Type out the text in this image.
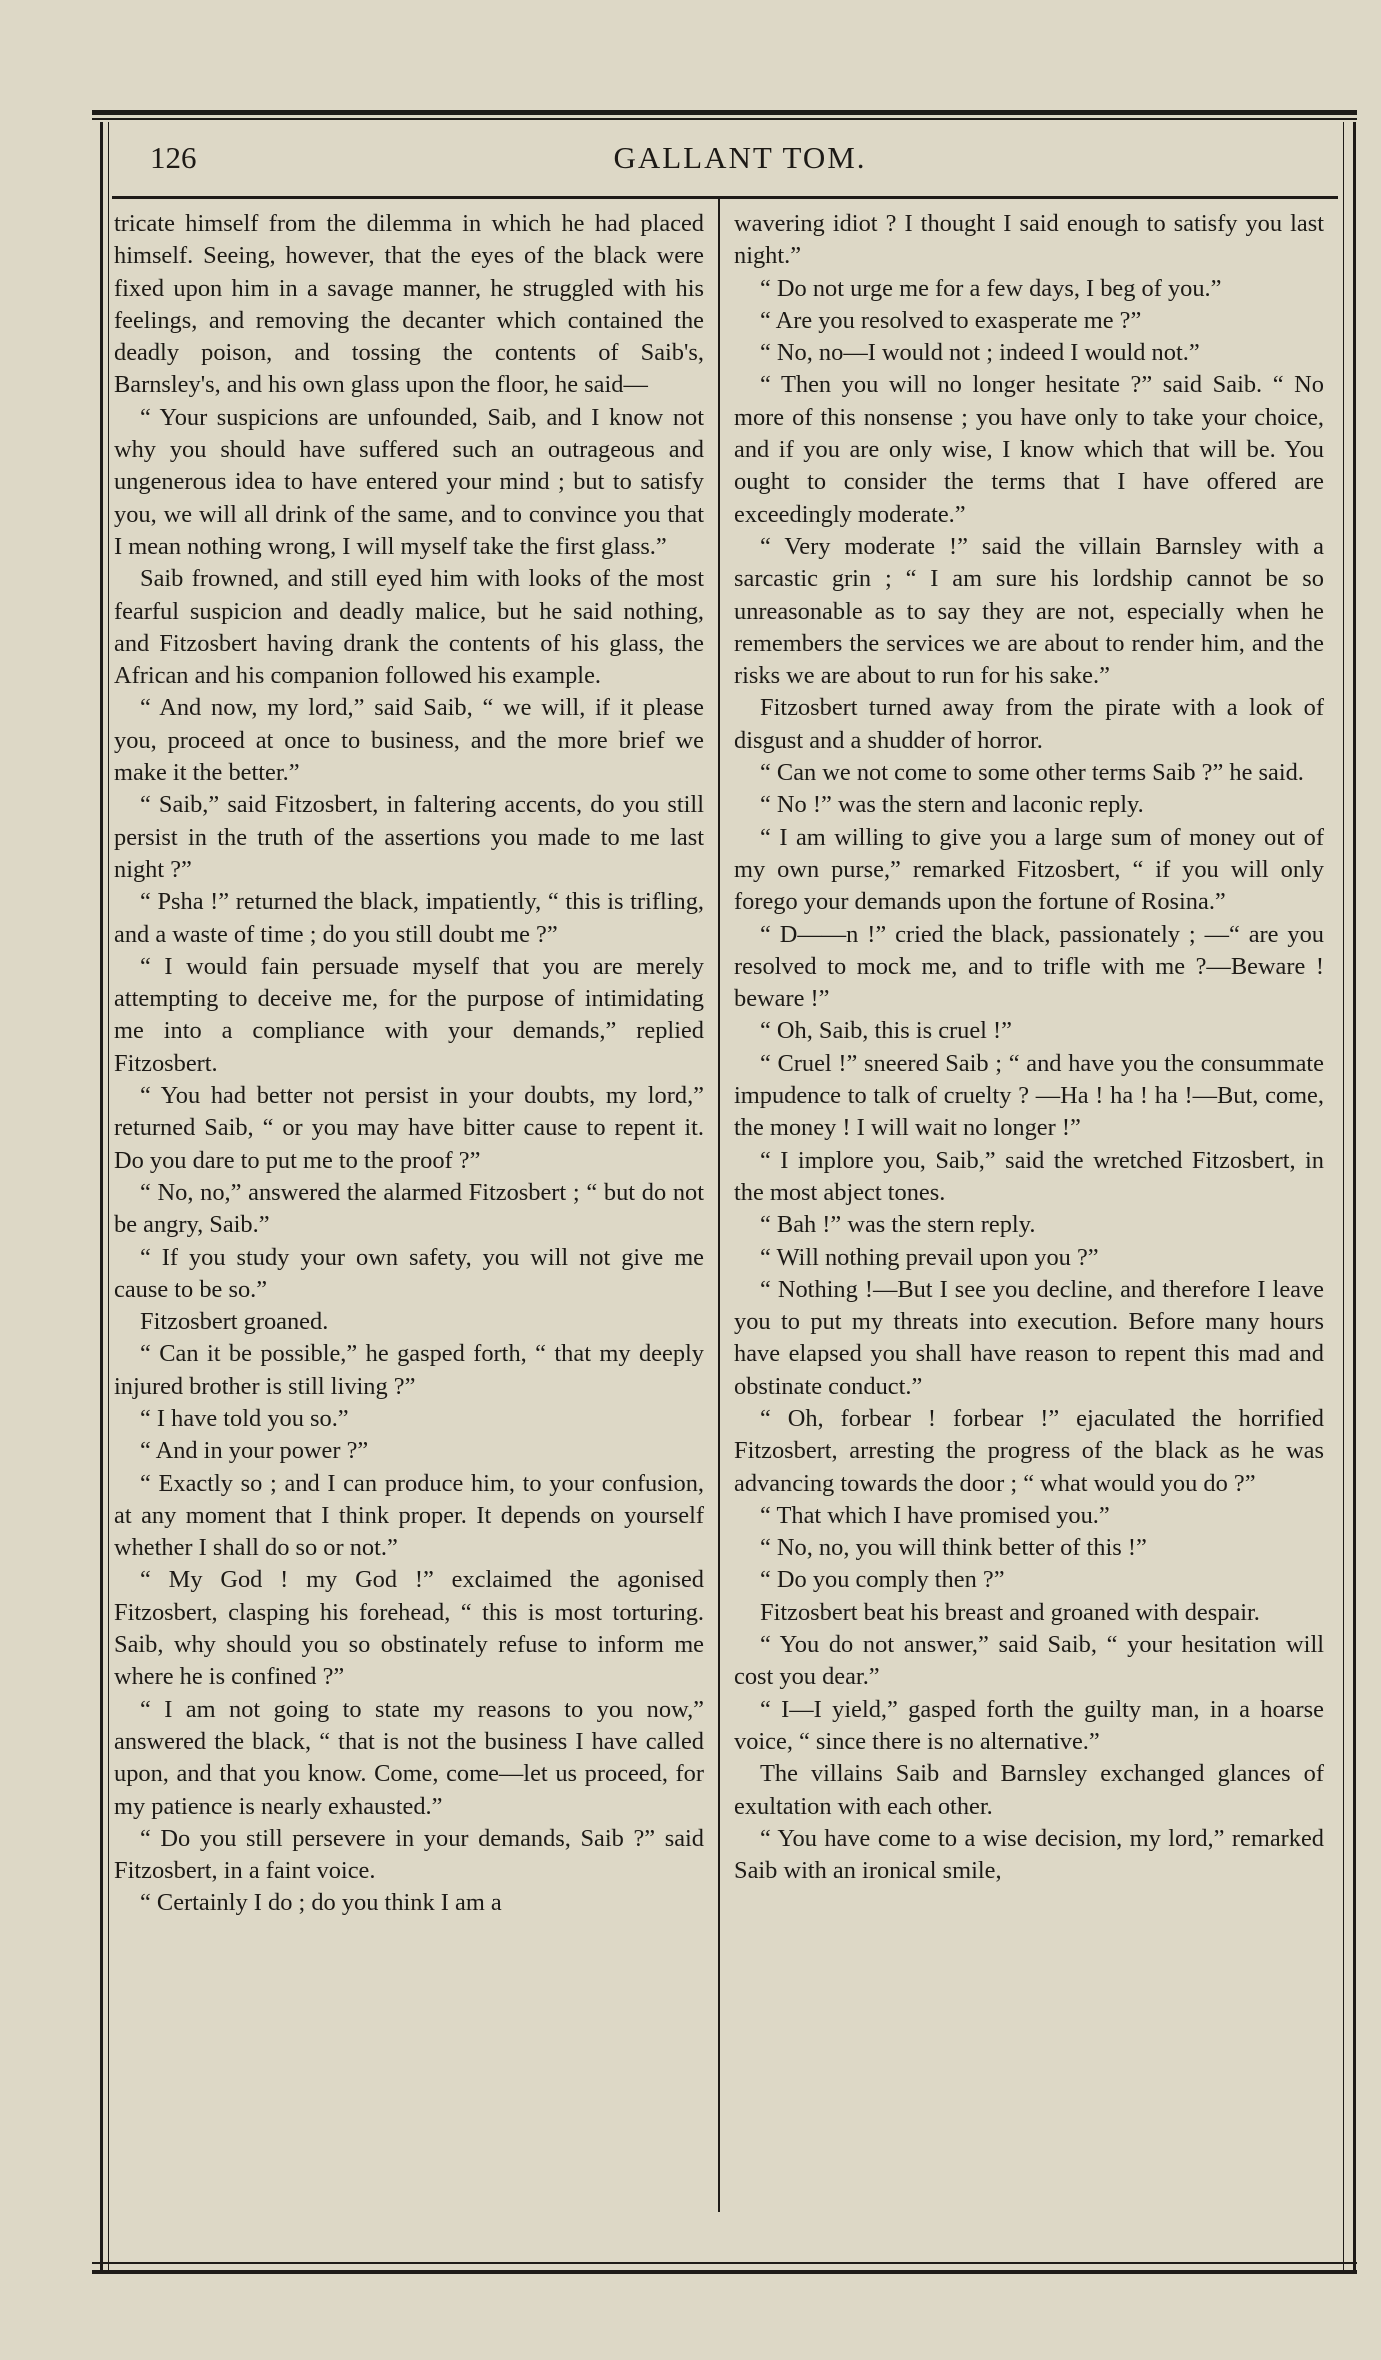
126	GALLANT TOM.

tricate himself from the dilemma in which he had placed himself. Seeing, however, that the eyes of the black were fixed upon him in a savage manner, he struggled with his feelings, and removing the decanter which contained the deadly poison, and tossing the contents of Saib's, Barnsley's, and his own glass upon the floor, he said—

“ Your suspicions are unfounded, Saib, and I know not why you should have suffered such an outrageous and ungenerous idea to have entered your mind ; but to satisfy you, we will all drink of the same, and to convince you that I mean nothing wrong, I will myself take the first glass.”

Saib frowned, and still eyed him with looks of the most fearful suspicion and deadly malice, but he said nothing, and Fitzosbert having drank the contents of his glass, the African and his companion followed his example.

“ And now, my lord,” said Saib, “ we will, if it please you, proceed at once to business, and the more brief we make it the better.”

“ Saib,” said Fitzosbert, in faltering accents, do you still persist in the truth of the assertions you made to me last night ?”

“ Psha !” returned the black, impatiently, “ this is trifling, and a waste of time ; do you still doubt me ?”

“ I would fain persuade myself that you are merely attempting to deceive me, for the purpose of intimidating me into a compliance with your demands,” replied Fitzosbert.

“ You had better not persist in your doubts, my lord,” returned Saib, “ or you may have bitter cause to repent it. Do you dare to put me to the proof ?”

“ No, no,” answered the alarmed Fitzosbert ; “ but do not be angry, Saib.”

“ If you study your own safety, you will not give me cause to be so.”

Fitzosbert groaned.

“ Can it be possible,” he gasped forth, “ that my deeply injured brother is still living ?”

“ I have told you so.”

“ And in your power ?”

“ Exactly so ; and I can produce him, to your confusion, at any moment that I think proper. It depends on yourself whether I shall do so or not.”

“ My God ! my God !” exclaimed the agonised Fitzosbert, clasping his forehead, “ this is most torturing. Saib, why should you so obstinately refuse to inform me where he is confined ?”

“ I am not going to state my reasons to you now,” answered the black, “ that is not the business I have called upon, and that you know. Come, come—let us proceed, for my patience is nearly exhausted.”

“ Do you still persevere in your demands, Saib ?” said Fitzosbert, in a faint voice.

“ Certainly I do ; do you think I am a

wavering idiot ? I thought I said enough to satisfy you last night.”

“ Do not urge me for a few days, I beg of you.”

“ Are you resolved to exasperate me ?”

“ No, no—I would not ; indeed I would not.”

“ Then you will no longer hesitate ?” said Saib. “ No more of this nonsense ; you have only to take your choice, and if you are only wise, I know which that will be. You ought to consider the terms that I have offered are exceedingly moderate.”

“ Very moderate !” said the villain Barnsley with a sarcastic grin ; “ I am sure his lordship cannot be so unreasonable as to say they are not, especially when he remembers the services we are about to render him, and the risks we are about to run for his sake.”

Fitzosbert turned away from the pirate with a look of disgust and a shudder of horror.

“ Can we not come to some other terms Saib ?” he said.

“ No !” was the stern and laconic reply.

“ I am willing to give you a large sum of money out of my own purse,” remarked Fitzosbert, “ if you will only forego your demands upon the fortune of Rosina.”

“ D——n !” cried the black, passionately ; —“ are you resolved to mock me, and to trifle with me ?—Beware ! beware !”

“ Oh, Saib, this is cruel !”

“ Cruel !” sneered Saib ; “ and have you the consummate impudence to talk of cruelty ? —Ha ! ha ! ha !—But, come, the money ! I will wait no longer !”

“ I implore you, Saib,” said the wretched Fitzosbert, in the most abject tones.

“ Bah !” was the stern reply.

“ Will nothing prevail upon you ?”

“ Nothing !—But I see you decline, and therefore I leave you to put my threats into execution. Before many hours have elapsed you shall have reason to repent this mad and obstinate conduct.”

“ Oh, forbear ! forbear !” ejaculated the horrified Fitzosbert, arresting the progress of the black as he was advancing towards the door ; “ what would you do ?”

“ That which I have promised you.”

“ No, no, you will think better of this !”

“ Do you comply then ?”

Fitzosbert beat his breast and groaned with despair.

“ You do not answer,” said Saib, “ your hesitation will cost you dear.”

“ I—I yield,” gasped forth the guilty man, in a hoarse voice, “ since there is no alternative.”

The villains Saib and Barnsley exchanged glances of exultation with each other.

“ You have come to a wise decision, my lord,” remarked Saib with an ironical smile,
